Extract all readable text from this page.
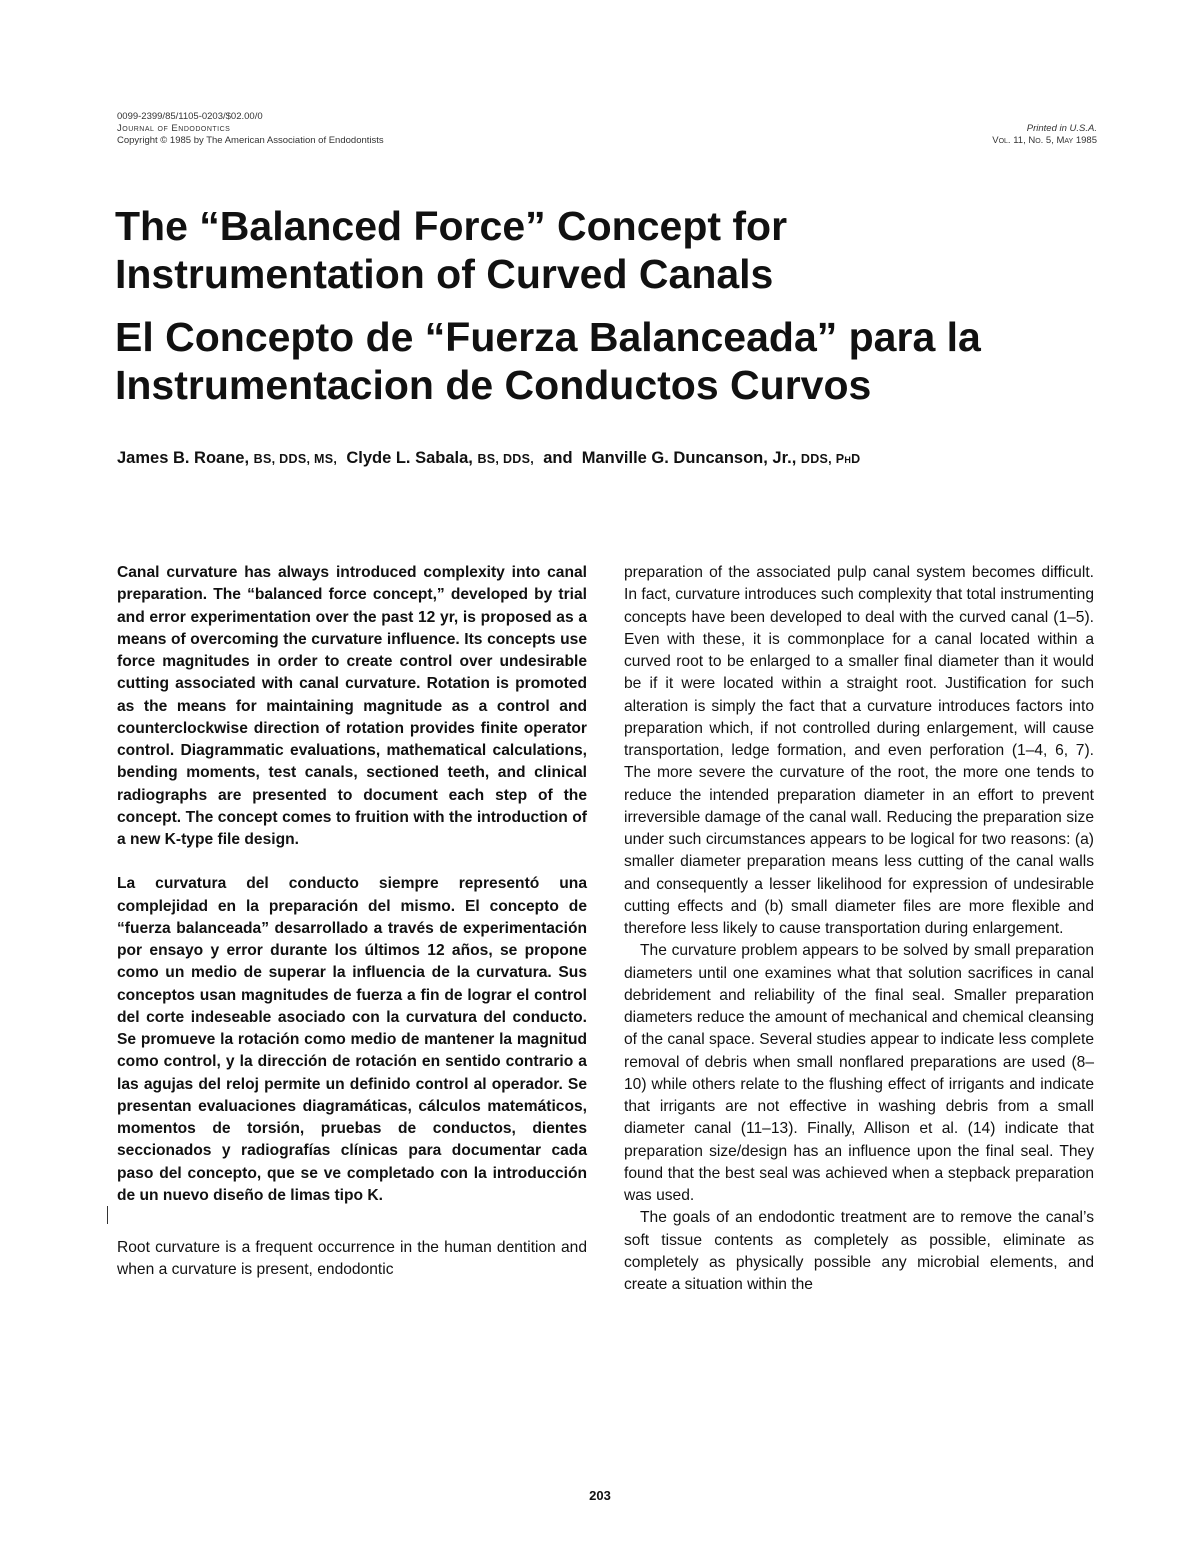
0099-2399/85/1105-0203/$02.00/0
Journal of Endodontics
Copyright © 1985 by The American Association of Endodontists
Printed in U.S.A.
Vol. 11, No. 5, May 1985
The “Balanced Force” Concept for Instrumentation of Curved Canals
El Concepto de “Fuerza Balanceada” para la Instrumentacion de Conductos Curvos
James B. Roane, BS, DDS, MS, Clyde L. Sabala, BS, DDS, and Manville G. Duncanson, Jr., DDS, PhD

Canal curvature has always introduced complexity into canal preparation. The “balanced force concept,” developed by trial and error experimentation over the past 12 yr, is proposed as a means of overcoming the curvature influence. Its concepts use force magnitudes in order to create control over undesirable cutting associated with canal curvature. Rotation is promoted as the means for maintaining magnitude as a control and counterclockwise direction of rotation provides finite operator control. Diagrammatic evaluations, mathematical calculations, bending moments, test canals, sectioned teeth, and clinical radiographs are presented to document each step of the concept. The concept comes to fruition with the introduction of a new K-type file design.

La curvatura del conducto siempre representó una complejidad en la preparación del mismo. El concepto de “fuerza balanceada” desarrollado a través de experimentación por ensayo y error durante los últimos 12 años, se propone como un medio de superar la influencia de la curvatura. Sus conceptos usan magnitudes de fuerza a fin de lograr el control del corte indeseable asociado con la curvatura del conducto. Se promueve la rotación como medio de mantener la magnitud como control, y la dirección de rotación en sentido contrario a las agujas del reloj permite un definido control al operador. Se presentan evaluaciones diagramáticas, cálculos matemáticos, momentos de torsión, pruebas de conductos, dientes seccionados y radiografías clínicas para documentar cada paso del concepto, que se ve completado con la introducción de un nuevo diseño de limas tipo K.

Root curvature is a frequent occurrence in the human dentition and when a curvature is present, endodontic

preparation of the associated pulp canal system becomes difficult. In fact, curvature introduces such complexity that total instrumenting concepts have been developed to deal with the curved canal (1–5). Even with these, it is commonplace for a canal located within a curved root to be enlarged to a smaller final diameter than it would be if it were located within a straight root. Justification for such alteration is simply the fact that a curvature introduces factors into preparation which, if not controlled during enlargement, will cause transportation, ledge formation, and even perforation (1–4, 6, 7). The more severe the curvature of the root, the more one tends to reduce the intended preparation diameter in an effort to prevent irreversible damage of the canal wall. Reducing the preparation size under such circumstances appears to be logical for two reasons: (a) smaller diameter preparation means less cutting of the canal walls and consequently a lesser likelihood for expression of undesirable cutting effects and (b) small diameter files are more flexible and therefore less likely to cause transportation during enlargement.

The curvature problem appears to be solved by small preparation diameters until one examines what that solution sacrifices in canal debridement and reliability of the final seal. Smaller preparation diameters reduce the amount of mechanical and chemical cleansing of the canal space. Several studies appear to indicate less complete removal of debris when small nonflared preparations are used (8–10) while others relate to the flushing effect of irrigants and indicate that irrigants are not effective in washing debris from a small diameter canal (11–13). Finally, Allison et al. (14) indicate that preparation size/design has an influence upon the final seal. They found that the best seal was achieved when a stepback preparation was used.

The goals of an endodontic treatment are to remove the canal’s soft tissue contents as completely as possible, eliminate as completely as physically possible any microbial elements, and create a situation within the

203
